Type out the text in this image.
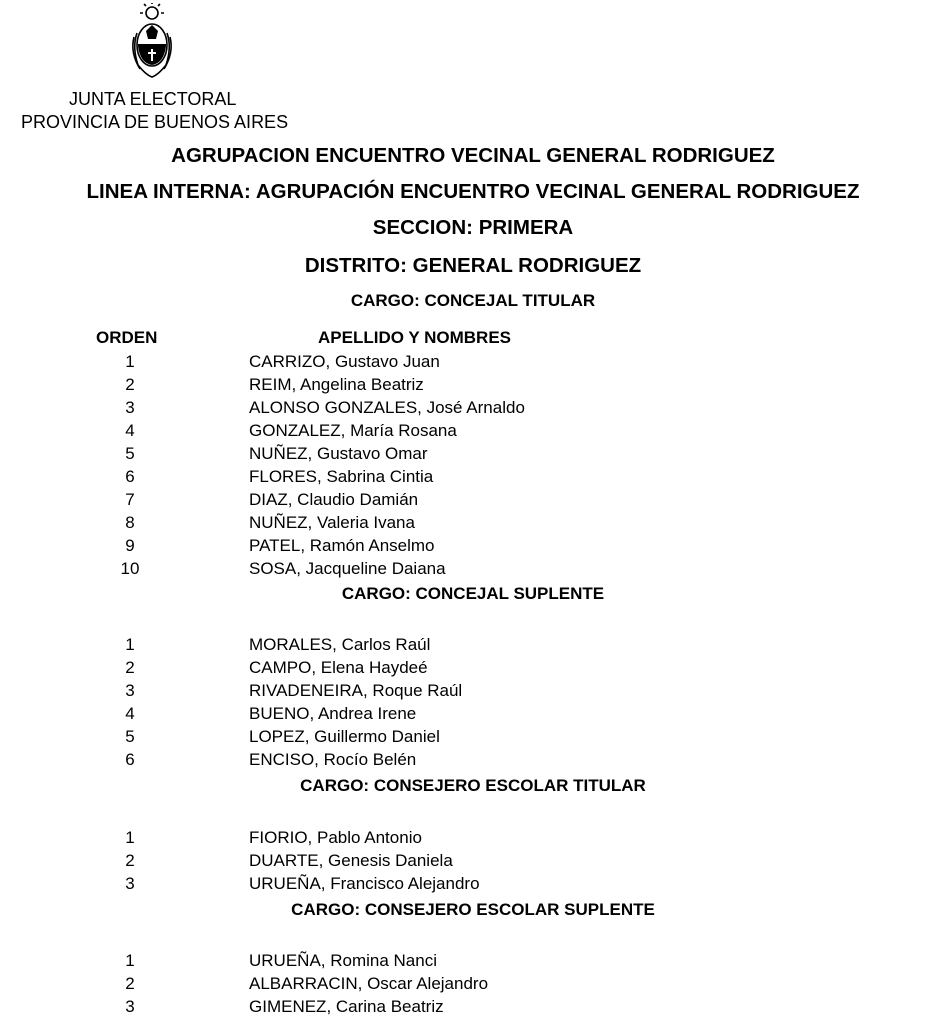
JUNTA ELECTORAL
PROVINCIA DE BUENOS AIRES
AGRUPACION ENCUENTRO VECINAL GENERAL RODRIGUEZ
LINEA INTERNA: AGRUPACIÓN ENCUENTRO VECINAL GENERAL RODRIGUEZ
SECCION: PRIMERA
DISTRITO: GENERAL RODRIGUEZ
CARGO: CONCEJAL TITULAR
ORDEN	APELLIDO Y NOMBRES
1	CARRIZO, Gustavo Juan
2	REIM, Angelina Beatriz
3	ALONSO GONZALES, José Arnaldo
4	GONZALEZ, María Rosana
5	NUÑEZ, Gustavo Omar
6	FLORES, Sabrina Cintia
7	DIAZ, Claudio Damián
8	NUÑEZ, Valeria Ivana
9	PATEL, Ramón Anselmo
10	SOSA, Jacqueline Daiana
CARGO: CONCEJAL SUPLENTE
1	MORALES, Carlos Raúl
2	CAMPO, Elena Haydeé
3	RIVADENEIRA, Roque Raúl
4	BUENO, Andrea Irene
5	LOPEZ, Guillermo Daniel
6	ENCISO, Rocío Belén
CARGO: CONSEJERO ESCOLAR TITULAR
1	FIORIO, Pablo Antonio
2	DUARTE, Genesis Daniela
3	URUEÑA, Francisco Alejandro
CARGO: CONSEJERO ESCOLAR SUPLENTE
1	URUEÑA, Romina Nanci
2	ALBARRACIN, Oscar Alejandro
3	GIMENEZ, Carina Beatriz
